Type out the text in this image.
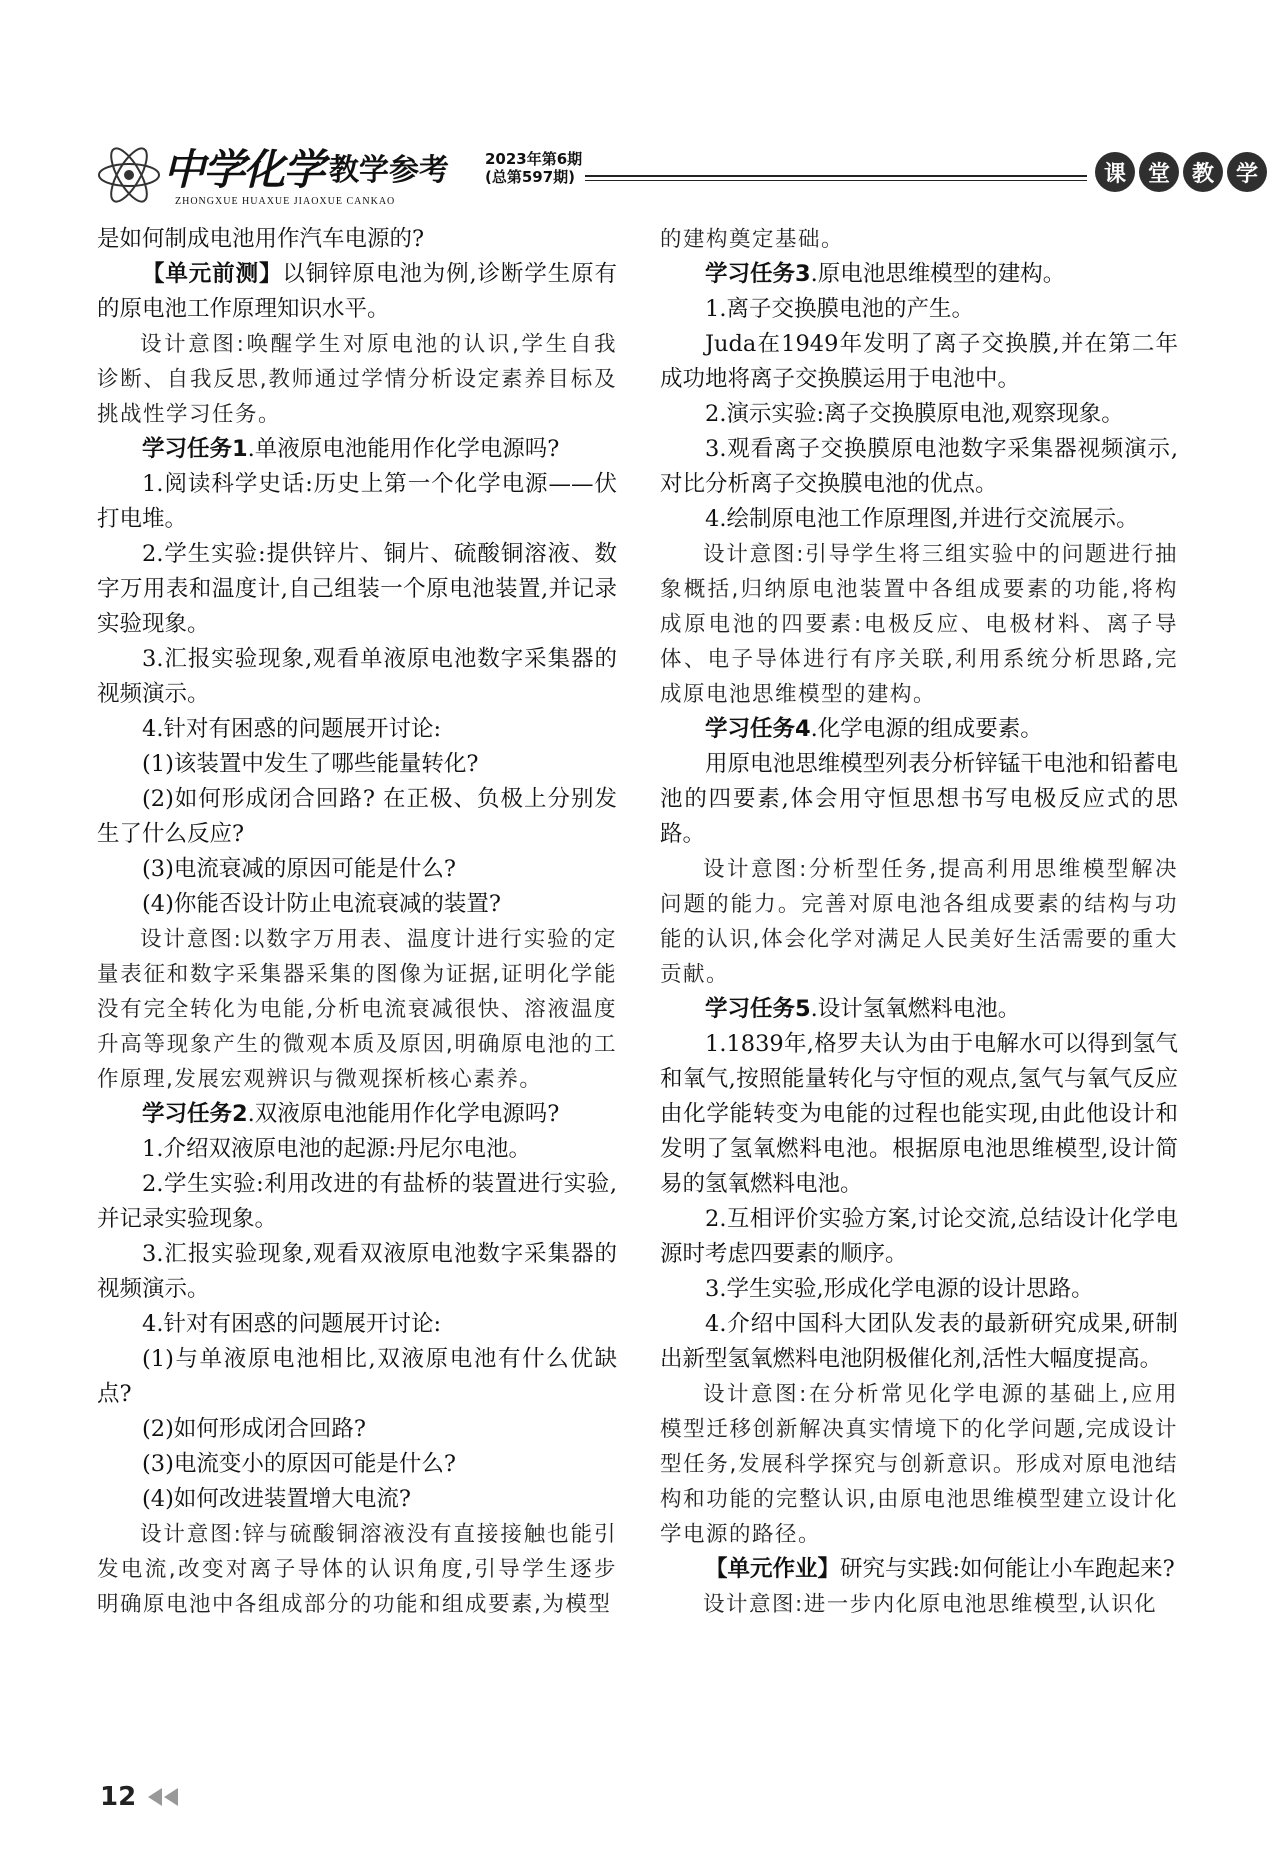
中学化学 教学参考 2023年第6期
(总第597期)
ZHONGXUE HUAXUE JIAOXUE CANKAO
课 堂 教 学

是如何制成电池用作汽车电源的?

【单元前测】以铜锌原电池为例,诊断学生原有的原电池工作原理知识水平。

设计意图:唤醒学生对原电池的认识,学生自我诊断、自我反思,教师通过学情分析设定素养目标及挑战性学习任务。

学习任务1.单液原电池能用作化学电源吗?

1.阅读科学史话:历史上第一个化学电源——伏打电堆。

2.学生实验:提供锌片、铜片、硫酸铜溶液、数字万用表和温度计,自己组装一个原电池装置,并记录实验现象。

3.汇报实验现象,观看单液原电池数字采集器的视频演示。

4.针对有困惑的问题展开讨论:

(1)该装置中发生了哪些能量转化?

(2)如何形成闭合回路? 在正极、负极上分别发生了什么反应?

(3)电流衰减的原因可能是什么?

(4)你能否设计防止电流衰减的装置?

设计意图:以数字万用表、温度计进行实验的定量表征和数字采集器采集的图像为证据,证明化学能没有完全转化为电能,分析电流衰减很快、溶液温度升高等现象产生的微观本质及原因,明确原电池的工作原理,发展宏观辨识与微观探析核心素养。

学习任务2.双液原电池能用作化学电源吗?

1.介绍双液原电池的起源:丹尼尔电池。

2.学生实验:利用改进的有盐桥的装置进行实验,并记录实验现象。

3.汇报实验现象,观看双液原电池数字采集器的视频演示。

4.针对有困惑的问题展开讨论:

(1)与单液原电池相比,双液原电池有什么优缺点?

(2)如何形成闭合回路?

(3)电流变小的原因可能是什么?

(4)如何改进装置增大电流?

设计意图:锌与硫酸铜溶液没有直接接触也能引发电流,改变对离子导体的认识角度,引导学生逐步明确原电池中各组成部分的功能和组成要素,为模型

的建构奠定基础。

学习任务3.原电池思维模型的建构。

1.离子交换膜电池的产生。

Juda在1949年发明了离子交换膜,并在第二年成功地将离子交换膜运用于电池中。

2.演示实验:离子交换膜原电池,观察现象。

3.观看离子交换膜原电池数字采集器视频演示,对比分析离子交换膜电池的优点。

4.绘制原电池工作原理图,并进行交流展示。

设计意图:引导学生将三组实验中的问题进行抽象概括,归纳原电池装置中各组成要素的功能,将构成原电池的四要素:电极反应、电极材料、离子导体、电子导体进行有序关联,利用系统分析思路,完成原电池思维模型的建构。

学习任务4.化学电源的组成要素。

用原电池思维模型列表分析锌锰干电池和铅蓄电池的四要素,体会用守恒思想书写电极反应式的思路。

设计意图:分析型任务,提高利用思维模型解决问题的能力。完善对原电池各组成要素的结构与功能的认识,体会化学对满足人民美好生活需要的重大贡献。

学习任务5.设计氢氧燃料电池。

1.1839年,格罗夫认为由于电解水可以得到氢气和氧气,按照能量转化与守恒的观点,氢气与氧气反应由化学能转变为电能的过程也能实现,由此他设计和发明了氢氧燃料电池。根据原电池思维模型,设计简易的氢氧燃料电池。

2.互相评价实验方案,讨论交流,总结设计化学电源时考虑四要素的顺序。

3.学生实验,形成化学电源的设计思路。

4.介绍中国科大团队发表的最新研究成果,研制出新型氢氧燃料电池阴极催化剂,活性大幅度提高。

设计意图:在分析常见化学电源的基础上,应用模型迁移创新解决真实情境下的化学问题,完成设计型任务,发展科学探究与创新意识。形成对原电池结构和功能的完整认识,由原电池思维模型建立设计化学电源的路径。

【单元作业】研究与实践:如何能让小车跑起来?

设计意图:进一步内化原电池思维模型,认识化

12
